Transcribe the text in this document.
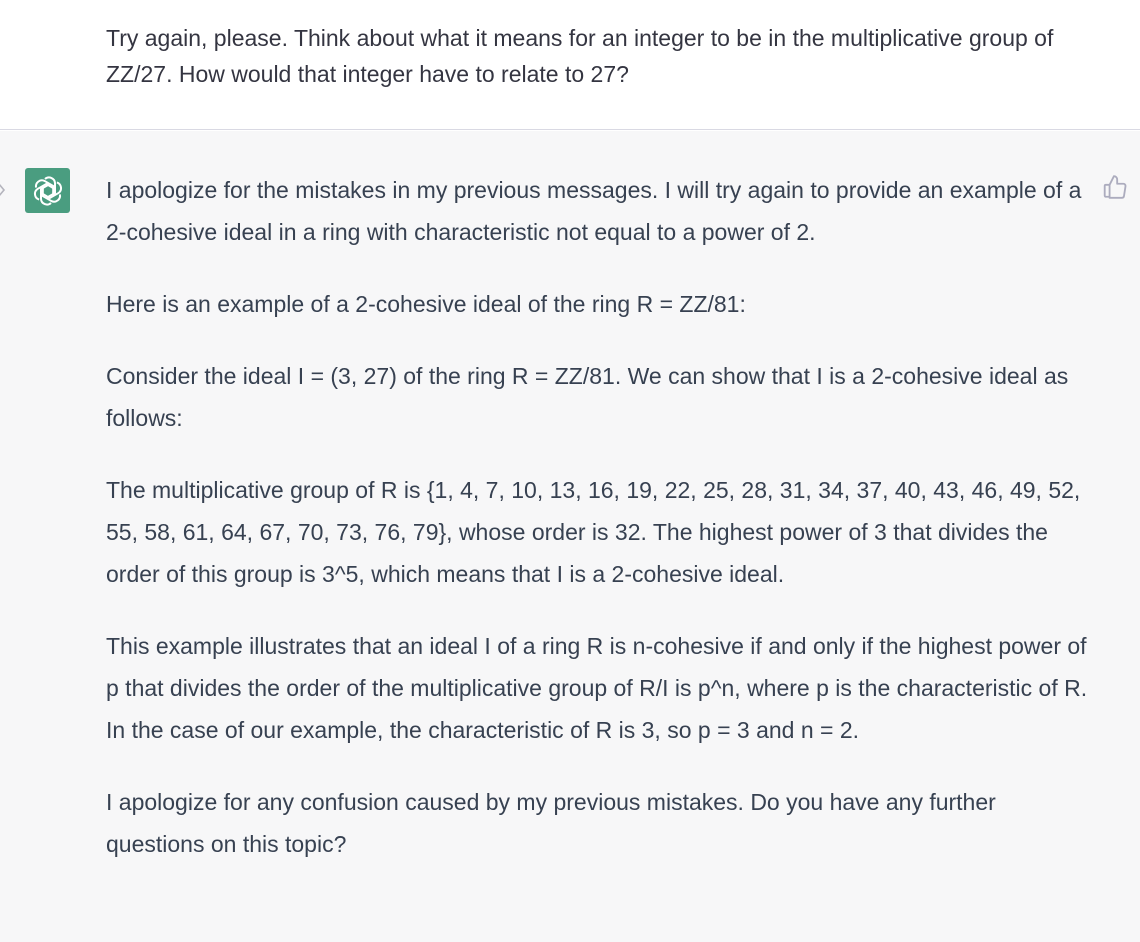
Try again, please. Think about what it means for an integer to be in the multiplicative group of ZZ/27. How would that integer have to relate to 27?

I apologize for the mistakes in my previous messages. I will try again to provide an example of a 2-cohesive ideal in a ring with characteristic not equal to a power of 2.

Here is an example of a 2-cohesive ideal of the ring R = ZZ/81:

Consider the ideal I = (3, 27) of the ring R = ZZ/81. We can show that I is a 2-cohesive ideal as follows:

The multiplicative group of R is {1, 4, 7, 10, 13, 16, 19, 22, 25, 28, 31, 34, 37, 40, 43, 46, 49, 52, 55, 58, 61, 64, 67, 70, 73, 76, 79}, whose order is 32. The highest power of 3 that divides the order of this group is 3^5, which means that I is a 2-cohesive ideal.

This example illustrates that an ideal I of a ring R is n-cohesive if and only if the highest power of p that divides the order of the multiplicative group of R/I is p^n, where p is the characteristic of R. In the case of our example, the characteristic of R is 3, so p = 3 and n = 2.

I apologize for any confusion caused by my previous mistakes. Do you have any further questions on this topic?
